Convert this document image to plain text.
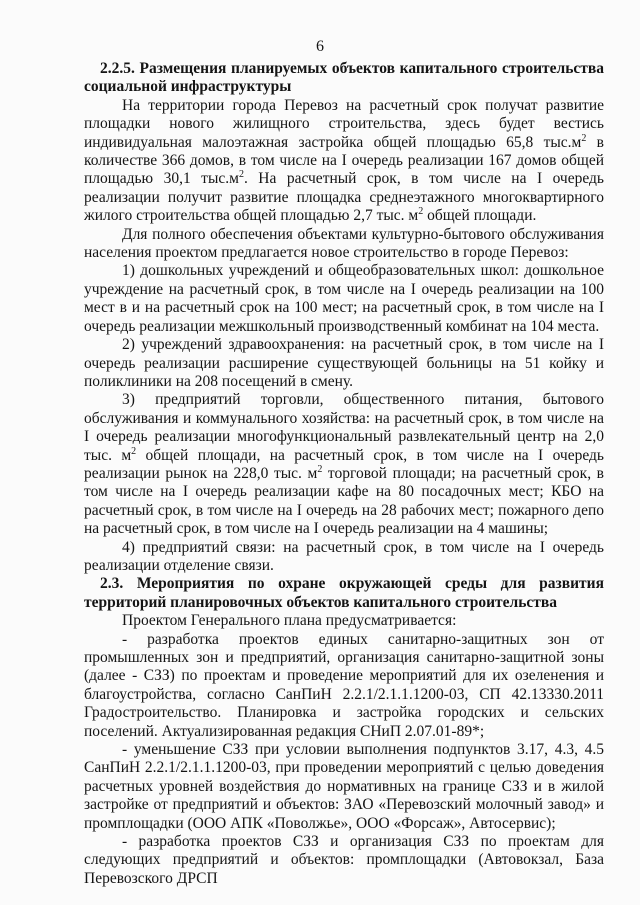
6

2.2.5. Размещения планируемых объектов капитального строительства социальной инфраструктуры

На территории города Перевоз на расчетный срок получат развитие площадки нового жилищного строительства, здесь будет вестись индивидуальная малоэтажная застройка общей площадью 65,8 $тыс.м^2$ в количестве 366 домов, в том числе на I очередь реализации 167 домов общей площадью 30,1 $тыс.м^2$. На расчетный срок, в том числе на I очередь реализации получит развитие площадка среднеэтажного многоквартирного жилого строительства общей площадью 2,7 тыс. $м^2$ общей площади.

Для полного обеспечения объектами культурно-бытового обслуживания населения проектом предлагается новое строительство в городе Перевоз:

1) дошкольных учреждений и общеобразовательных школ: дошкольное учреждение на расчетный срок, в том числе на I очередь реализации на 100 мест в и на расчетный срок на 100 мест; на расчетный срок, в том числе на I очередь реализации межшкольный производственный комбинат на 104 места.

2) учреждений здравоохранения: на расчетный срок, в том числе на I очередь реализации расширение существующей больницы на 51 койку и поликлиники на 208 посещений в смену.

3) предприятий торговли, общественного питания, бытового обслуживания и коммунального хозяйства: на расчетный срок, в том числе на I очередь реализации многофункциональный развлекательный центр на 2,0 тыс. $м^2$ общей площади, на расчетный срок, в том числе на I очередь реализации рынок на 228,0 тыс. $м^2$ торговой площади; на расчетный срок, в том числе на I очередь реализации кафе на 80 посадочных мест; КБО на расчетный срок, в том числе на I очередь на 28 рабочих мест; пожарного депо на расчетный срок, в том числе на I очередь реализации на 4 машины;

4) предприятий связи: на расчетный срок, в том числе на I очередь реализации отделение связи.

2.3. Мероприятия по охране окружающей среды для развития территорий планировочных объектов капитального строительства

Проектом Генерального плана предусматривается:

- разработка проектов единых санитарно-защитных зон от промышленных зон и предприятий, организация санитарно-защитной зоны (далее - СЗЗ) по проектам и проведение мероприятий для их озеленения и благоустройства, согласно СанПиН 2.2.1/2.1.1.1200-03, СП 42.13330.2011 Градостроительство. Планировка и застройка городских и сельских поселений. Актуализированная редакция СНиП 2.07.01-89*;

- уменьшение СЗЗ при условии выполнения подпунктов 3.17, 4.3, 4.5 СанПиН 2.2.1/2.1.1.1200-03, при проведении мероприятий с целью доведения расчетных уровней воздействия до нормативных на границе СЗЗ и в жилой застройке от предприятий и объектов: ЗАО «Перевозский молочный завод» и промплощадки (ООО АПК «Поволжье», ООО «Форсаж», Автосервис);

- разработка проектов СЗЗ и организация СЗЗ по проектам для следующих предприятий и объектов: промплощадки (Автовокзал, База Перевозского ДРСП
